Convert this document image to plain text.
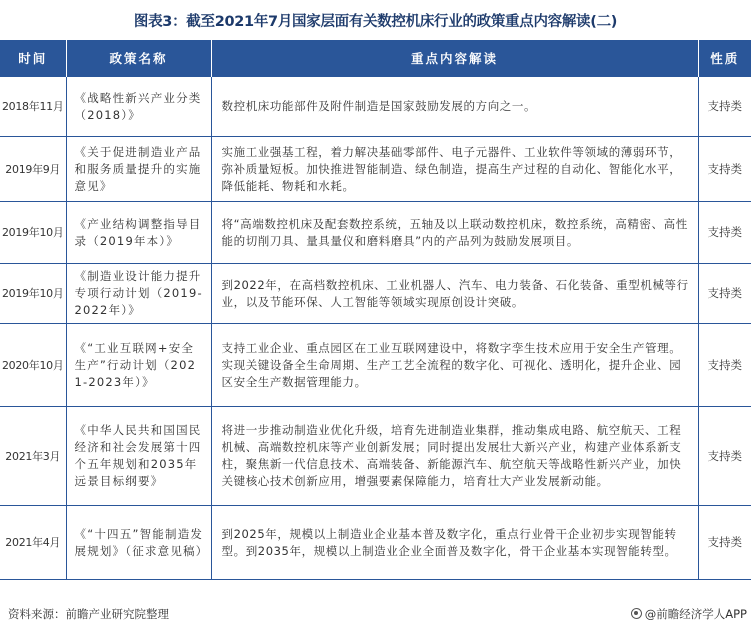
图表3：截至2021年7月国家层面有关数控机床行业的政策重点内容解读(二)
时间	政策名称	重点内容解读	性质
2018年11月	《战略性新兴产业分类（2018）》	数控机床功能部件及附件制造是国家鼓励发展的方向之一。	支持类
2019年9月	《关于促进制造业产品和服务质量提升的实施意见》	实施工业强基工程，着力解决基础零部件、电子元器件、工业软件等领域的薄弱环节，弥补质量短板。加快推进智能制造、绿色制造，提高生产过程的自动化、智能化水平，降低能耗、物耗和水耗。	支持类
2019年10月	《产业结构调整指导目录（2019年本）》	将“高端数控机床及配套数控系统，五轴及以上联动数控机床，数控系统，高精密、高性能的切削刀具、量具量仪和磨料磨具”内的产品列为鼓励发展项目。	支持类
2019年10月	《制造业设计能力提升专项行动计划（2019-2022年）》	到2022年，在高档数控机床、工业机器人、汽车、电力装备、石化装备、重型机械等行业，以及节能环保、人工智能等领域实现原创设计突破。	支持类
2020年10月	《“工业互联网+安全生产”行动计划（2021-2023年）》	支持工业企业、重点园区在工业互联网建设中，将数字孪生技术应用于安全生产管理。实现关键设备全生命周期、生产工艺全流程的数字化、可视化、透明化，提升企业、园区安全生产数据管理能力。	支持类
2021年3月	《中华人民共和国国民经济和社会发展第十四个五年规划和2035年远景目标纲要》	将进一步推动制造业优化升级，培育先进制造业集群，推动集成电路、航空航天、工程机械、高端数控机床等产业创新发展；同时提出发展壮大新兴产业，构建产业体系新支柱，聚焦新一代信息技术、高端装备、新能源汽车、航空航天等战略性新兴产业，加快关键核心技术创新应用，增强要素保障能力，培育壮大产业发展新动能。	支持类
2021年4月	《“十四五”智能制造发展规划》（征求意见稿）	到2025年，规模以上制造业企业基本普及数字化，重点行业骨干企业初步实现智能转型。到2035年，规模以上制造业企业全面普及数字化，骨干企业基本实现智能转型。	支持类
资料来源：前瞻产业研究院整理	@前瞻经济学人APP
